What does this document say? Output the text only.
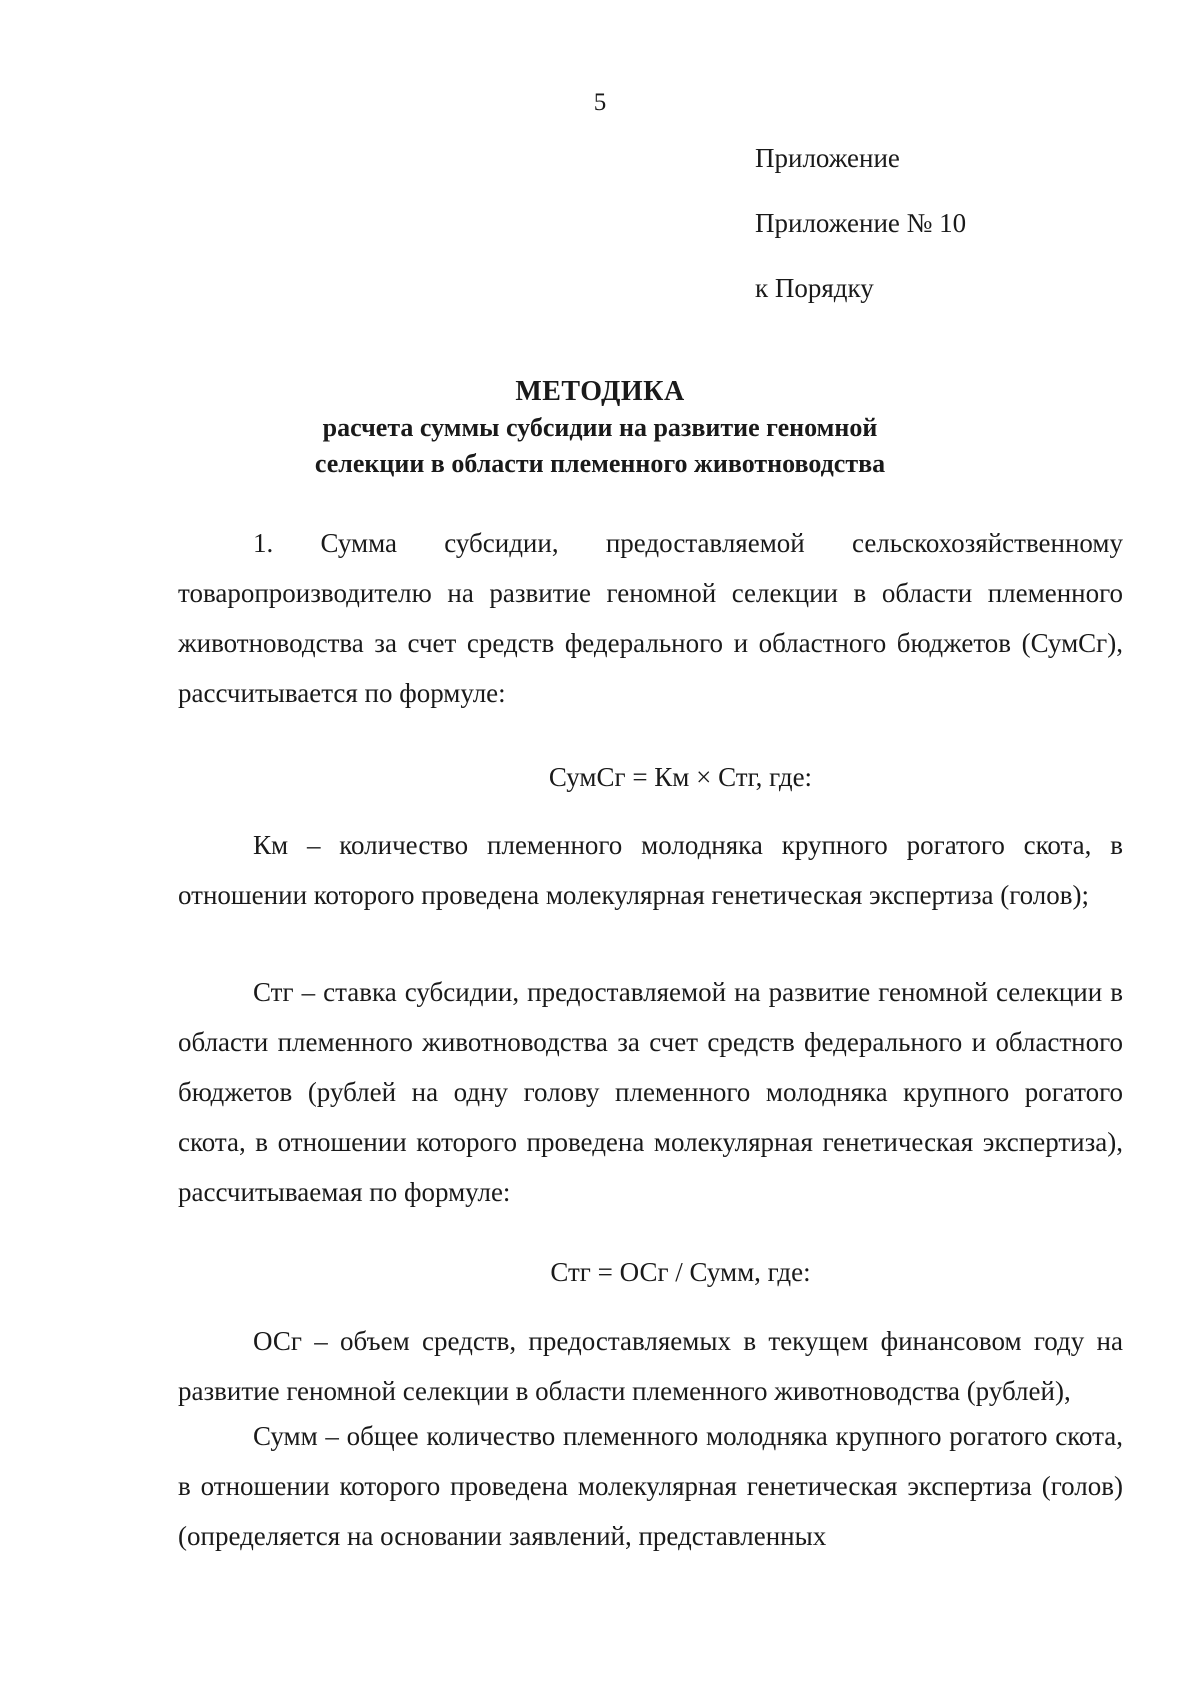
5
Приложение
Приложение № 10
к Порядку
МЕТОДИКА
расчета суммы субсидии на развитие геномной
селекции в области племенного животноводства

1. Сумма субсидии, предоставляемой сельскохозяйственному товаропроизводителю на развитие геномной селекции в области племенного животноводства за счет средств федерального и областного бюджетов (СумСг), рассчитывается по формуле:

СумСг = Км × Стг, где:

Км – количество племенного молодняка крупного рогатого скота, в отношении которого проведена молекулярная генетическая экспертиза (голов);

Стг – ставка субсидии, предоставляемой на развитие геномной селекции в области племенного животноводства за счет средств федерального и областного бюджетов (рублей на одну голову племенного молодняка крупного рогатого скота, в отношении которого проведена молекулярная генетическая экспертиза), рассчитываемая по формуле:

Стг = ОСг / Сумм, где:

ОСг – объем средств, предоставляемых в текущем финансовом году на развитие геномной селекции в области племенного животноводства (рублей),

Сумм – общее количество племенного молодняка крупного рогатого скота, в отношении которого проведена молекулярная генетическая экспертиза (голов) (определяется на основании заявлений, представленных
